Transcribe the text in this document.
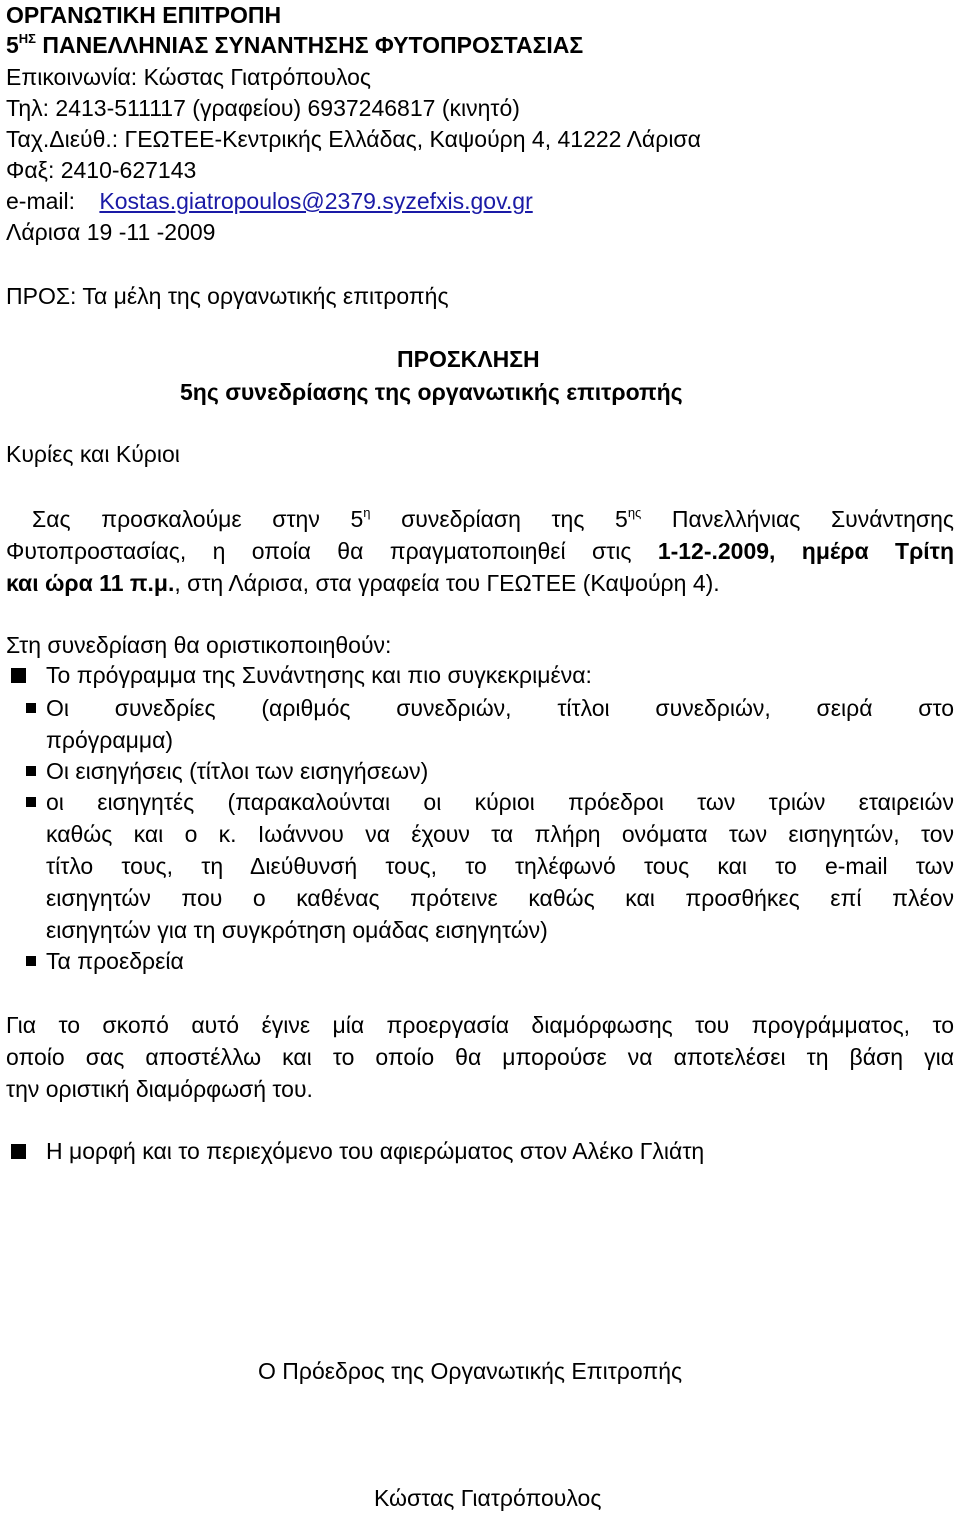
ΟΡΓΑΝΩΤΙΚΗ ΕΠΙΤΡΟΠΗ
$5^{H\Sigma}$ ΠΑΝΕΛΛΗΝΙΑΣ ΣΥΝΑΝΤΗΣΗΣ ΦΥΤΟΠΡΟΣΤΑΣΙΑΣ
Επικοινωνία: Κώστας Γιατρόπουλος
Τηλ: 2413-511117 (γραφείου) 6937246817 (κινητό)
Ταχ.Διεύθ.: ΓΕΩΤΕΕ-Κεντρικής Ελλάδας, Καψούρη 4, 41222 Λάρισα
Φαξ: 2410-627143
e-mail: Kostas.giatropoulos@2379.syzefxis.gov.gr
Λάρισα 19 -11 -2009
ΠΡΟΣ: Τα μέλη της οργανωτικής επιτροπής
ΠΡΟΣΚΛΗΣΗ
5ης συνεδρίασης της οργανωτικής επιτροπής
Κυρίες και Κύριοι
Σας προσκαλούμε στην $5^\eta$ συνεδρίαση της $5^{\eta\varsigma}$ Πανελλήνιας Συνάντησης
Φυτοπροστασίας, η οποία θα πραγματοποιηθεί στις 1-12-.2009, ημέρα Τρίτη
και ώρα 11 π.μ., στη Λάρισα, στα γραφεία του ΓΕΩΤΕΕ (Καψούρη 4).
Στη συνεδρίαση θα οριστικοποιηθούν:
Το πρόγραμμα της Συνάντησης και πιο συγκεκριμένα:
Οι συνεδρίες (αριθμός συνεδριών, τίτλοι συνεδριών, σειρά στο
πρόγραμμα)
Οι εισηγήσεις (τίτλοι των εισηγήσεων)
οι εισηγητές (παρακαλούνται οι κύριοι πρόεδροι των τριών εταιρειών
καθώς και ο κ. Ιωάννου να έχουν τα πλήρη ονόματα των εισηγητών, τον
τίτλο τους, τη Διεύθυνσή τους, το τηλέφωνό τους και το e-mail των
εισηγητών που ο καθένας πρότεινε καθώς και προσθήκες επί πλέον
εισηγητών για τη συγκρότηση ομάδας εισηγητών)
Τα προεδρεία
Για το σκοπό αυτό έγινε μία προεργασία διαμόρφωσης του προγράμματος, το
οποίο σας αποστέλλω και το οποίο θα μπορούσε να αποτελέσει τη βάση για
την οριστική διαμόρφωσή του.
Η μορφή και το περιεχόμενο του αφιερώματος στον Αλέκο Γλιάτη
Ο Πρόεδρος της Οργανωτικής Επιτροπής
Κώστας Γιατρόπουλος
